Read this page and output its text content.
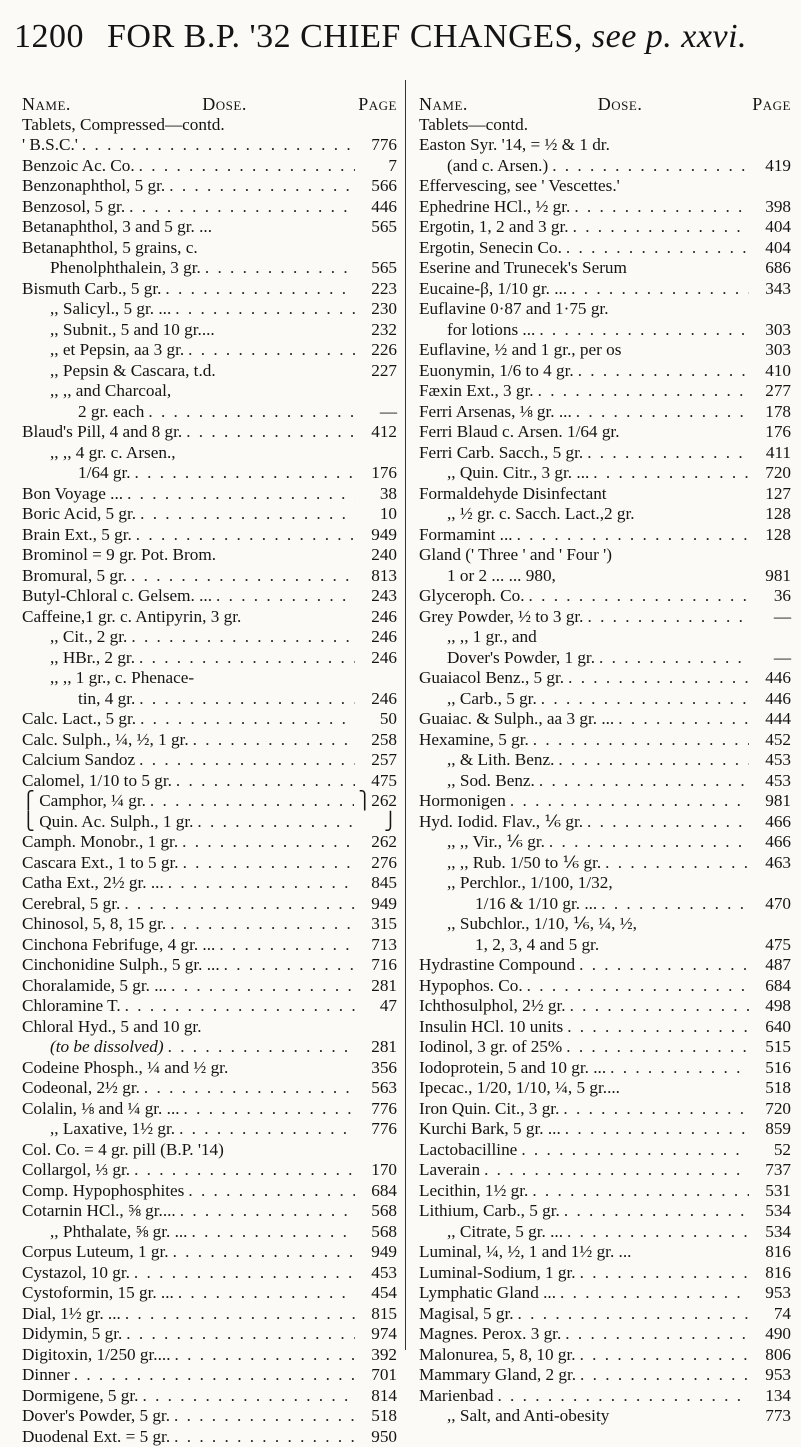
1200 FOR B.P. '32 CHIEF CHANGES, see p. xxvi.
Name.	Dose.	Page
Tablets, Compressed—contd.
' B.S.C.' . . .	776
Benzoic Ac. Co. . . .	7
Benzonaphthol, 5 gr. . . .	566
Benzosol, 5 gr. . . .	446
Betanaphthol, 3 and 5 gr. ...	565
Betanaphthol, 5 grains, c.
Phenolphthalein, 3 gr. . . .	565
Bismuth Carb., 5 gr. . . .	223
,, Salicyl., 5 gr. ... . . .	230
,, Subnit., 5 and 10 gr....	232
,, et Pepsin, aa 3 gr. . . .	226
,, Pepsin & Cascara, t.d.	227
,, ,, and Charcoal,
2 gr. each . . .	—
Blaud's Pill, 4 and 8 gr. . . .	412
,, ,, 4 gr. c. Arsen.,
1/64 gr. . . .	176
Bon Voyage ... . . .	38
Boric Acid, 5 gr. . . .	10
Brain Ext., 5 gr. . . .	949
Brominol = 9 gr. Pot. Brom.	240
Bromural, 5 gr. . . .	813
Butyl-Chloral c. Gelsem. ... . . .	243
Caffeine,1 gr. c. Antipyrin, 3 gr.	246
,, Cit., 2 gr. . . .	246
,, HBr., 2 gr. . . .	246
,, ,, 1 gr., c. Phenace-
tin, 4 gr. . . .	246
Calc. Lact., 5 gr. . . .	50
Calc. Sulph., ¼, ½, 1 gr. . . .	258
Calcium Sandoz . . .	257
Calomel, 1/10 to 5 gr. . . .	475
⎧ Camphor, ¼ gr. . . .	⎫262
⎩ Quin. Ac. Sulph., 1 gr. . . .	⎭
Camph. Monobr., 1 gr. . . .	262
Cascara Ext., 1 to 5 gr. . . .	276
Catha Ext., 2½ gr. ... . . .	845
Cerebral, 5 gr. . . .	949
Chinosol, 5, 8, 15 gr. . . .	315
Cinchona Febrifuge, 4 gr. ... . . .	713
Cinchonidine Sulph., 5 gr. ... . . .	716
Choralamide, 5 gr. ... . . .	281
Chloramine T. . . .	47
Chloral Hyd., 5 and 10 gr.
(to be dissolved) . . .	281
Codeine Phosph., ¼ and ½ gr.	356
Codeonal, 2½ gr. . . .	563
Colalin, ⅛ and ¼ gr. ... . . .	776
,, Laxative, 1½ gr. . . .	776
Col. Co. = 4 gr. pill (B.P. '14)
Collargol, ⅓ gr. . . .	170
Comp. Hypophosphites . . .	684
Cotarnin HCl., ⅝ gr.... . . .	568
,, Phthalate, ⅝ gr. ... . . .	568
Corpus Luteum, 1 gr. . . .	949
Cystazol, 10 gr. . . .	453
Cystoformin, 15 gr. ... . . .	454
Dial, 1½ gr. ... . . .	815
Didymin, 5 gr. . . .	974
Digitoxin, 1/250 gr.... . . .	392
Dinner . . .	701
Dormigene, 5 gr. . . .	814
Dover's Powder, 5 gr. . . .	518
Duodenal Ext. = 5 gr. . . .	950
Name.	Dose.	Page
Tablets—contd.
Easton Syr. '14, = ½ & 1 dr.
(and c. Arsen.) . . .	419
Effervescing, see ' Vescettes.'
Ephedrine HCl., ½ gr. . . .	398
Ergotin, 1, 2 and 3 gr. . . .	404
Ergotin, Senecin Co. . . .	404
Eserine and Trunecek's Serum	686
Eucaine-β, 1/10 gr. ... . . .	343
Euflavine 0·87 and 1·75 gr.
for lotions ... . . .	303
Euflavine, ½ and 1 gr., per os	303
Euonymin, 1/6 to 4 gr. . . .	410
Fæxin Ext., 3 gr. . . .	277
Ferri Arsenas, ⅛ gr. ... . . .	178
Ferri Blaud c. Arsen. 1/64 gr.	176
Ferri Carb. Sacch., 5 gr. . . .	411
,, Quin. Citr., 3 gr. ... . . .	720
Formaldehyde Disinfectant	127
,, ½ gr. c. Sacch. Lact.,2 gr.	128
Formamint ... . . .	128
Gland (' Three ' and ' Four ')
1 or 2 ... ... 980,	981
Glyceroph. Co. . . .	36
Grey Powder, ½ to 3 gr. . . .	—
,, ,, 1 gr., and
Dover's Powder, 1 gr. . . .	—
Guaiacol Benz., 5 gr. . . .	446
,, Carb., 5 gr. . . .	446
Guaiac. & Sulph., aa 3 gr. ... . . .	444
Hexamine, 5 gr. . . .	452
,, & Lith. Benz. . . .	453
,, Sod. Benz. . . .	453
Hormonigen . . .	981
Hyd. Iodid. Flav., ⅙ gr. . . .	466
,, ,, Vir., ⅙ gr. . . .	466
,, ,, Rub. 1/50 to ⅙ gr. . . .	463
,, Perchlor., 1/100, 1/32,
1/16 & 1/10 gr. ... . . .	470
,, Subchlor., 1/10, ⅙, ¼, ½,
1, 2, 3, 4 and 5 gr.	475
Hydrastine Compound . . .	487
Hypophos. Co. . . .	684
Ichthosulphol, 2½ gr. . . .	498
Insulin HCl. 10 units . . .	640
Iodinol, 3 gr. of 25% . . .	515
Iodoprotein, 5 and 10 gr. ... . . .	516
Ipecac., 1/20, 1/10, ¼, 5 gr....	518
Iron Quin. Cit., 3 gr. . . .	720
Kurchi Bark, 5 gr. ... . . .	859
Lactobacilline . . .	52
Laverain . . .	737
Lecithin, 1½ gr. . . .	531
Lithium, Carb., 5 gr. . . .	534
,, Citrate, 5 gr. ... . . .	534
Luminal, ¼, ½, 1 and 1½ gr. ...	816
Luminal-Sodium, 1 gr. . . .	816
Lymphatic Gland ... . . .	953
Magisal, 5 gr. . . .	74
Magnes. Perox. 3 gr. . . .	490
Malonurea, 5, 8, 10 gr. . . .	806
Mammary Gland, 2 gr. . . .	953
Marienbad . . .	134
,, Salt, and Anti-obesity	773
